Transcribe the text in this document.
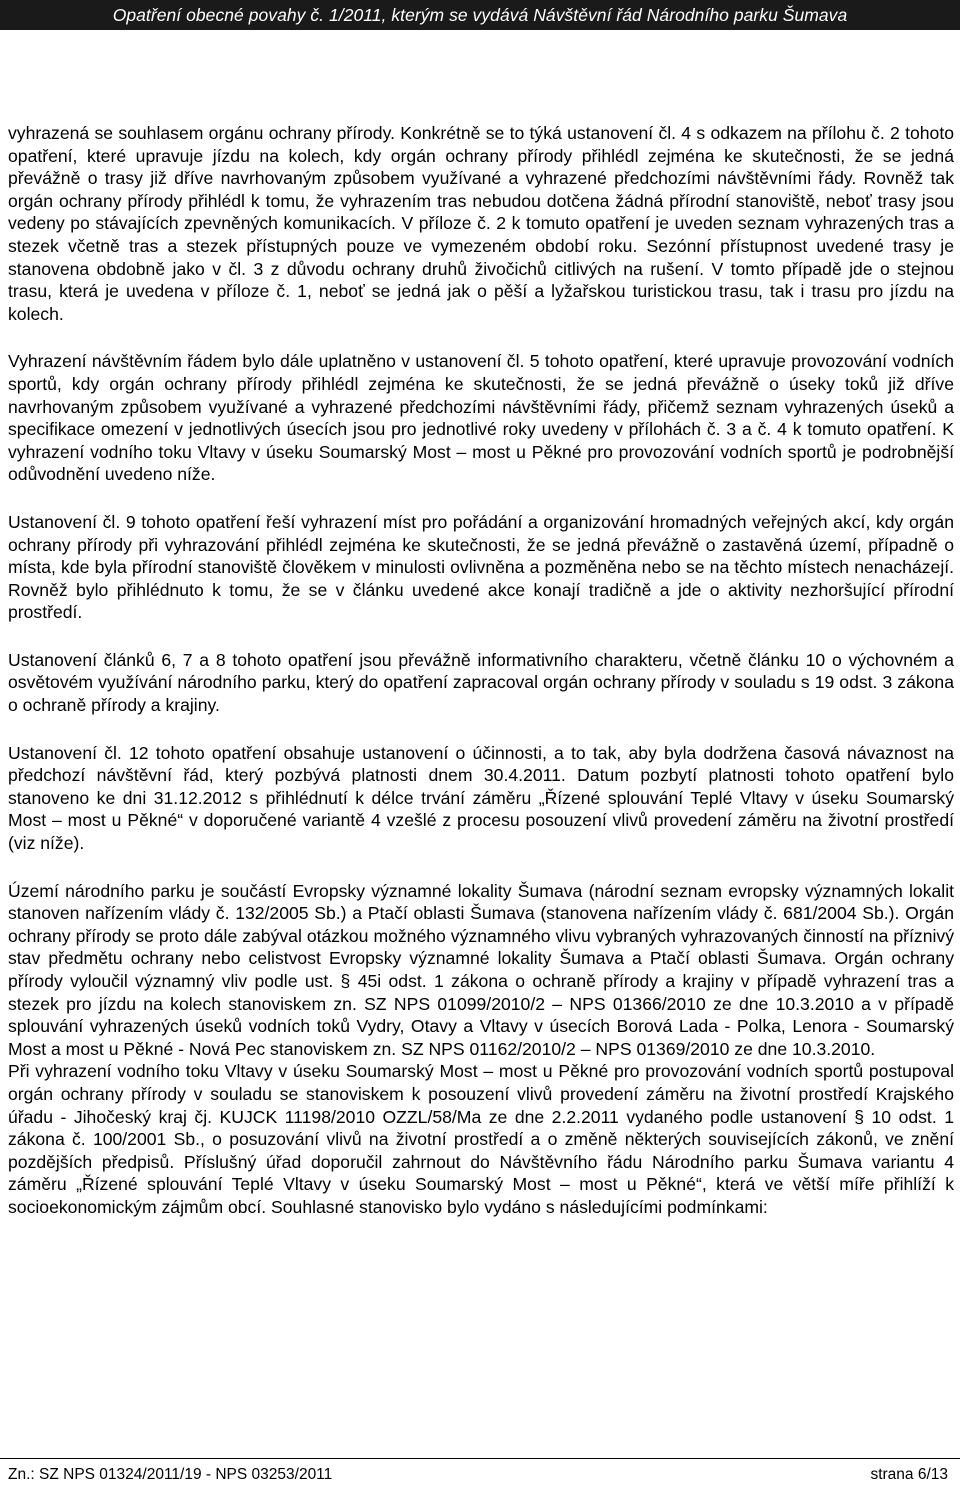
Opatření obecné povahy č. 1/2011, kterým se vydává Návštěvní řád Národního parku Šumava

vyhrazená se souhlasem orgánu ochrany přírody. Konkrétně se to týká ustanovení čl. 4 s odkazem na přílohu č. 2 tohoto opatření, které upravuje jízdu na kolech, kdy orgán ochrany přírody přihlédl zejména ke skutečnosti, že se jedná převážně o trasy již dříve navrhovaným způsobem využívané a vyhrazené předchozími návštěvními řády. Rovněž tak orgán ochrany přírody přihlédl k tomu, že vyhrazením tras nebudou dotčena žádná přírodní stanoviště, neboť trasy jsou vedeny po stávajících zpevněných komunikacích. V příloze č. 2 k tomuto opatření je uveden seznam vyhrazených tras a stezek včetně tras a stezek přístupných pouze ve vymezeném období roku. Sezónní přístupnost uvedené trasy je stanovena obdobně jako v čl. 3 z důvodu ochrany druhů živočichů citlivých na rušení. V tomto případě jde o stejnou trasu, která je uvedena v příloze č. 1, neboť se jedná jak o pěší a lyžařskou turistickou trasu, tak i trasu pro jízdu na kolech.

Vyhrazení návštěvním řádem bylo dále uplatněno v ustanovení čl. 5 tohoto opatření, které upravuje provozování vodních sportů, kdy orgán ochrany přírody přihlédl zejména ke skutečnosti, že se jedná převážně o úseky toků již dříve navrhovaným způsobem využívané a vyhrazené předchozími návštěvními řády, přičemž seznam vyhrazených úseků a specifikace omezení v jednotlivých úsecích jsou pro jednotlivé roky uvedeny v přílohách č. 3 a č. 4 k tomuto opatření. K vyhrazení vodního toku Vltavy v úseku Soumarský Most – most u Pěkné pro provozování vodních sportů je podrobnější odůvodnění uvedeno níže.

Ustanovení čl. 9 tohoto opatření řeší vyhrazení míst pro pořádání a organizování hromadných veřejných akcí, kdy orgán ochrany přírody při vyhrazování přihlédl zejména ke skutečnosti, že se jedná převážně o zastavěná území, případně o místa, kde byla přírodní stanoviště člověkem v minulosti ovlivněna a pozměněna nebo se na těchto místech nenacházejí. Rovněž bylo přihlédnuto k tomu, že se v článku uvedené akce konají tradičně a jde o aktivity nezhoršující přírodní prostředí.

Ustanovení článků 6, 7 a 8 tohoto opatření jsou převážně informativního charakteru, včetně článku 10 o výchovném a osvětovém využívání národního parku, který do opatření zapracoval orgán ochrany přírody v souladu s 19 odst. 3 zákona o ochraně přírody a krajiny.

Ustanovení čl. 12 tohoto opatření obsahuje ustanovení o účinnosti, a to tak, aby byla dodržena časová návaznost na předchozí návštěvní řád, který pozbývá platnosti dnem 30.4.2011. Datum pozbytí platnosti tohoto opatření bylo stanoveno ke dni 31.12.2012 s přihlédnutí k délce trvání záměru „Řízené splouvání Teplé Vltavy v úseku Soumarský Most – most u Pěkné“ v doporučené variantě 4 vzešlé z procesu posouzení vlivů provedení záměru na životní prostředí (viz níže).

Území národního parku je součástí Evropsky významné lokality Šumava (národní seznam evropsky významných lokalit stanoven nařízením vlády č. 132/2005 Sb.) a Ptačí oblasti Šumava (stanovena nařízením vlády č. 681/2004 Sb.). Orgán ochrany přírody se proto dále zabýval otázkou možného významného vlivu vybraných vyhrazovaných činností na příznivý stav předmětu ochrany nebo celistvost Evropsky významné lokality Šumava a Ptačí oblasti Šumava. Orgán ochrany přírody vyloučil významný vliv podle ust. § 45i odst. 1 zákona o ochraně přírody a krajiny v případě vyhrazení tras a stezek pro jízdu na kolech stanoviskem zn. SZ NPS 01099/2010/2 – NPS 01366/2010 ze dne 10.3.2010 a v případě splouvání vyhrazených úseků vodních toků Vydry, Otavy a Vltavy v úsecích Borová Lada - Polka, Lenora - Soumarský Most a most u Pěkné - Nová Pec stanoviskem zn. SZ NPS 01162/2010/2 – NPS 01369/2010 ze dne 10.3.2010.

Při vyhrazení vodního toku Vltavy v úseku Soumarský Most – most u Pěkné pro provozování vodních sportů postupoval orgán ochrany přírody v souladu se stanoviskem k posouzení vlivů provedení záměru na životní prostředí Krajského úřadu - Jihočeský kraj čj. KUJCK 11198/2010 OZZL/58/Ma ze dne 2.2.2011 vydaného podle ustanovení § 10 odst. 1 zákona č. 100/2001 Sb., o posuzování vlivů na životní prostředí a o změně některých souvisejících zákonů, ve znění pozdějších předpisů. Příslušný úřad doporučil zahrnout do Návštěvního řádu Národního parku Šumava variantu 4 záměru „Řízené splouvání Teplé Vltavy v úseku Soumarský Most – most u Pěkné“, která ve větší míře přihlíží k socioekonomickým zájmům obcí. Souhlasné stanovisko bylo vydáno s následujícími podmínkami:

Zn.: SZ NPS 01324/2011/19 - NPS 03253/2011	strana 6/13
